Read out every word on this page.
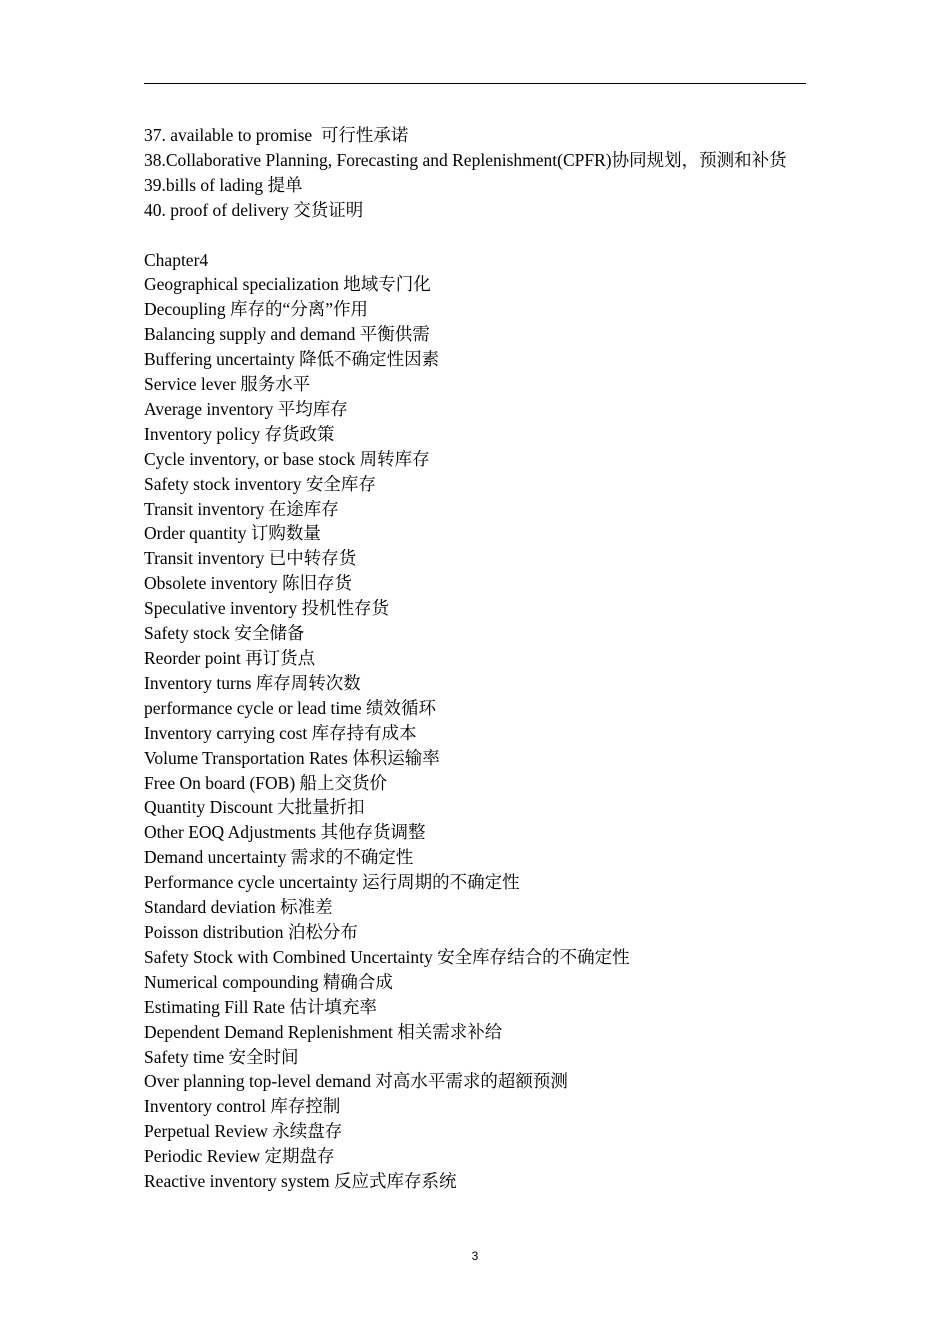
37. available to promise  可行性承诺
38.Collaborative Planning, Forecasting and Replenishment(CPFR)协同规划，预测和补货
39.bills of lading 提单
40. proof of delivery 交货证明
Chapter4
Geographical specialization 地域专门化
Decoupling 库存的“分离”作用
Balancing supply and demand 平衡供需
Buffering uncertainty 降低不确定性因素
Service lever 服务水平
Average inventory 平均库存
Inventory policy 存货政策
Cycle inventory, or base stock 周转库存
Safety stock inventory 安全库存
Transit inventory 在途库存
Order quantity 订购数量
Transit inventory 已中转存货
Obsolete inventory 陈旧存货
Speculative inventory 投机性存货
Safety stock 安全储备
Reorder point 再订货点
Inventory turns 库存周转次数
performance cycle or lead time 绩效循环
Inventory carrying cost 库存持有成本
Volume Transportation Rates 体积运输率
Free On board (FOB) 船上交货价
Quantity Discount 大批量折扣
Other EOQ Adjustments 其他存货调整
Demand uncertainty 需求的不确定性
Performance cycle uncertainty 运行周期的不确定性
Standard deviation 标准差
Poisson distribution 泊松分布
Safety Stock with Combined Uncertainty 安全库存结合的不确定性
Numerical compounding 精确合成
Estimating Fill Rate 估计填充率
Dependent Demand Replenishment 相关需求补给
Safety time 安全时间
Over planning top-level demand 对高水平需求的超额预测
Inventory control 库存控制
Perpetual Review 永续盘存
Periodic Review 定期盘存
Reactive inventory system 反应式库存系统
3
